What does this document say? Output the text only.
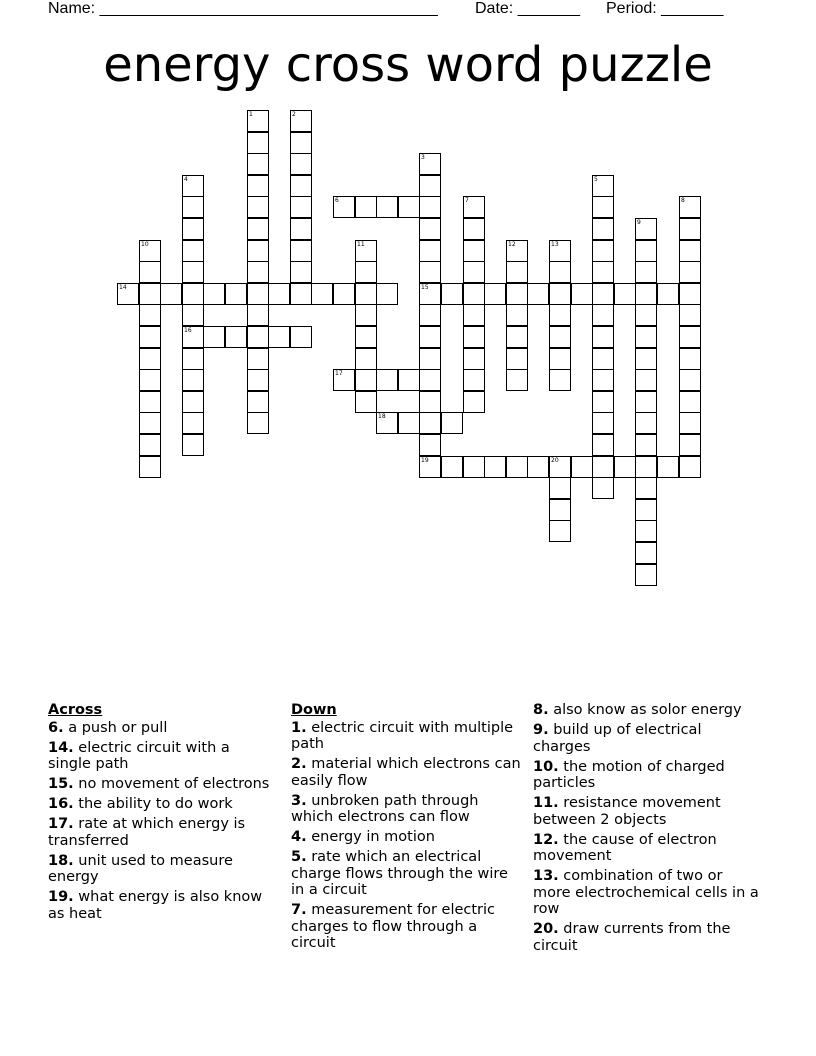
Name: ______________________________________

Date: _______

Period: _______

energy cross word puzzle
1	2
3
15
19
4
16
5
6	7	8
9
10	11	12	13
14
17
18
20
Across
6. a push or pull
14. electric circuit with a single path
15. no movement of electrons
16. the ability to do work
17. rate at which energy is transferred
18. unit used to measure energy
19. what energy is also know as heat
Down
1. electric circuit with multiple path
2. material which electrons can easily flow
3. unbroken path through which electrons can flow
4. energy in motion
5. rate which an electrical charge flows through the wire in a circuit
7. measurement for electric charges to flow through a circuit
8. also know as solor energy
9. build up of electrical charges
10. the motion of charged particles
11. resistance movement between 2 objects
12. the cause of electron movement
13. combination of two or more electrochemical cells in a row
20. draw currents from the circuit
